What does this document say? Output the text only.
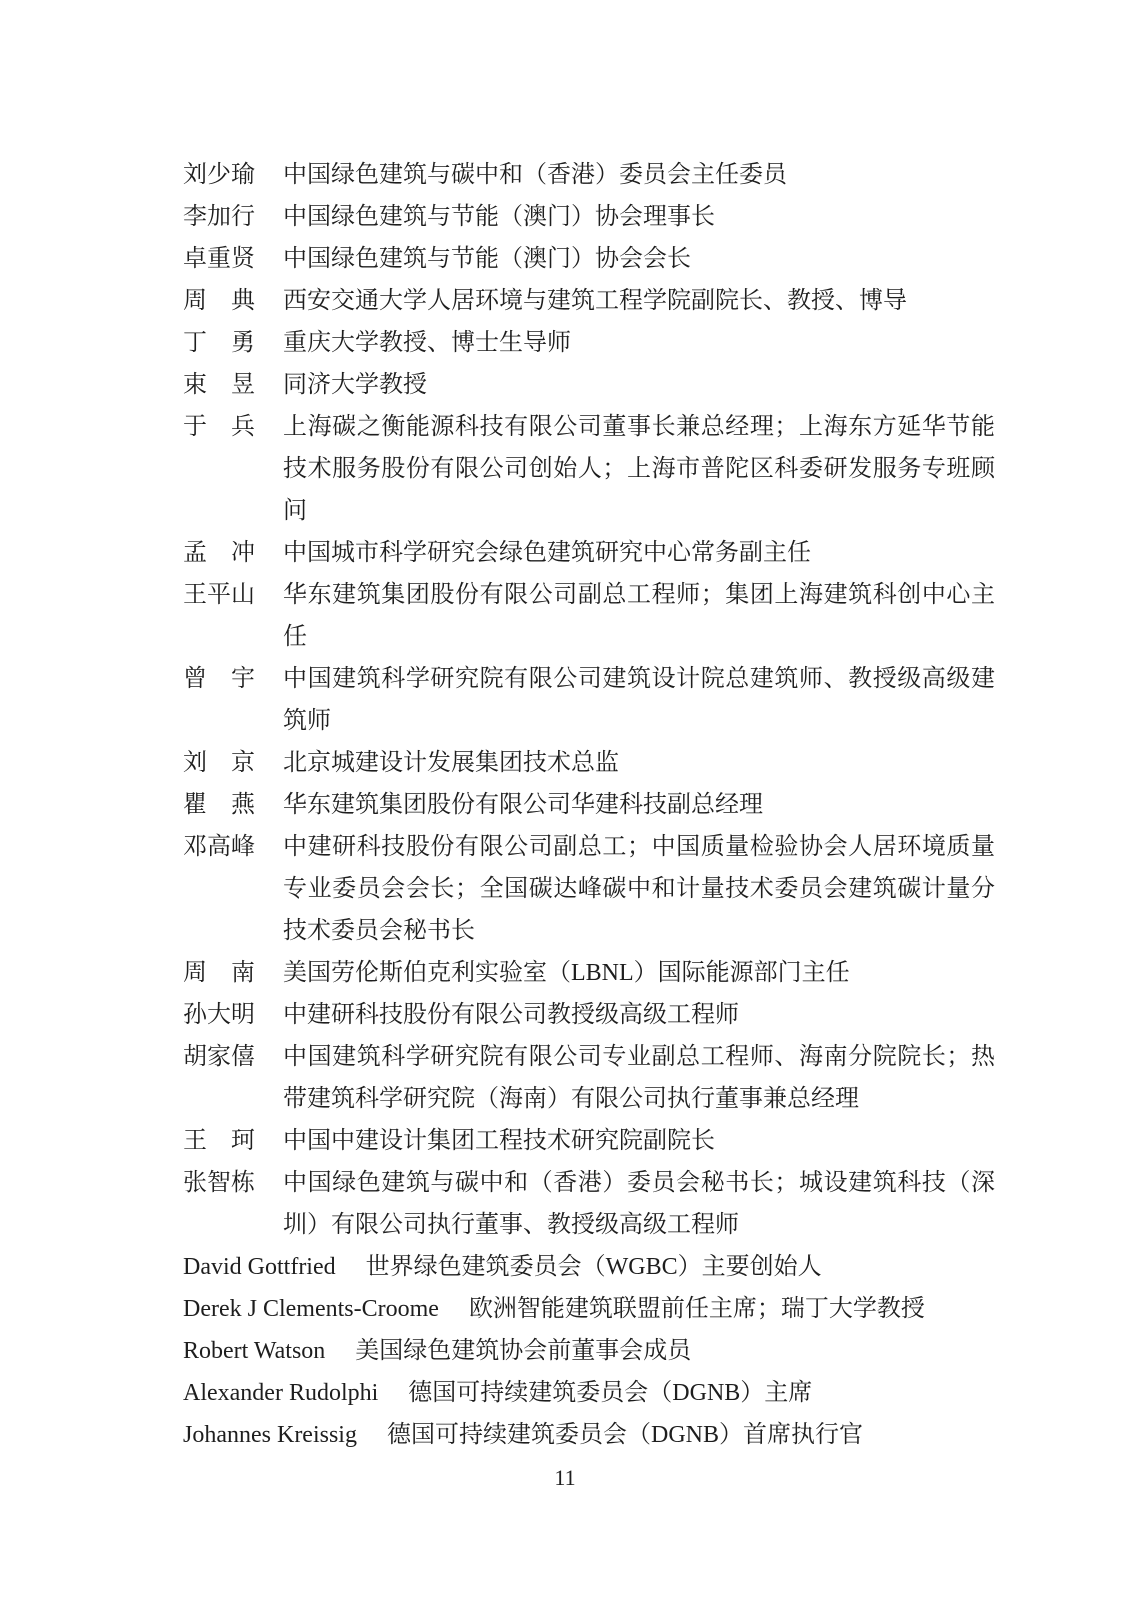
刘少瑜	中国绿色建筑与碳中和（香港）委员会主任委员
李加行	中国绿色建筑与节能（澳门）协会理事长
卓重贤	中国绿色建筑与节能（澳门）协会会长
周　典	西安交通大学人居环境与建筑工程学院副院长、教授、博导
丁　勇	重庆大学教授、博士生导师
束　昱	同济大学教授
于　兵	上海碳之衡能源科技有限公司董事长兼总经理；上海东方延华节能技术服务股份有限公司创始人；上海市普陀区科委研发服务专班顾问
孟　冲	中国城市科学研究会绿色建筑研究中心常务副主任
王平山	华东建筑集团股份有限公司副总工程师；集团上海建筑科创中心主任
曾　宇	中国建筑科学研究院有限公司建筑设计院总建筑师、教授级高级建筑师
刘　京	北京城建设计发展集团技术总监
瞿　燕	华东建筑集团股份有限公司华建科技副总经理
邓高峰	中建研科技股份有限公司副总工；中国质量检验协会人居环境质量专业委员会会长；全国碳达峰碳中和计量技术委员会建筑碳计量分技术委员会秘书长
周　南	美国劳伦斯伯克利实验室（LBNL）国际能源部门主任
孙大明	中建研科技股份有限公司教授级高级工程师
胡家僖	中国建筑科学研究院有限公司专业副总工程师、海南分院院长；热带建筑科学研究院（海南）有限公司执行董事兼总经理
王　珂	中国中建设计集团工程技术研究院副院长
张智栋	中国绿色建筑与碳中和（香港）委员会秘书长；城设建筑科技（深圳）有限公司执行董事、教授级高级工程师

David Gottfried 世界绿色建筑委员会（WGBC）主要创始人

Derek J Clements-Croome 欧洲智能建筑联盟前任主席；瑞丁大学教授

Robert Watson 美国绿色建筑协会前董事会成员

Alexander Rudolphi 德国可持续建筑委员会（DGNB）主席

Johannes Kreissig 德国可持续建筑委员会（DGNB）首席执行官

11
